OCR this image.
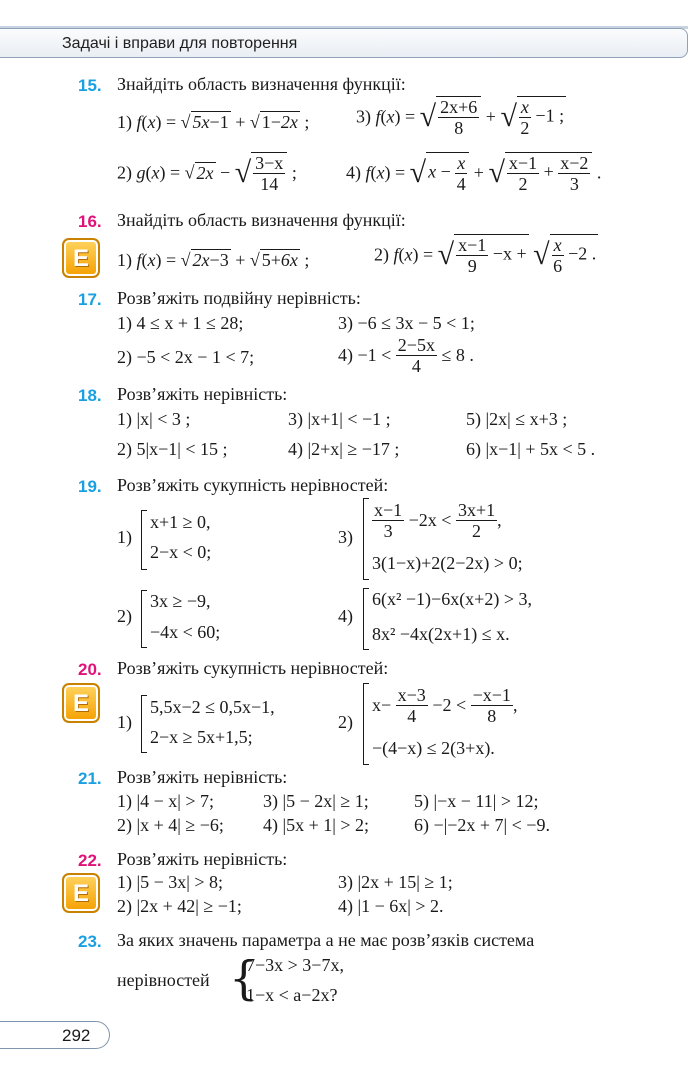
Задачі і вправи для повторення
15. Знайдіть область визначення функції:
1) f(x) = √ 5x−1 + √ 1−2x ;	3) f(x) = √ $\frac{2x+6}{8}$ + √ $\frac{x}{2} -1$ ;
2) g(x) = √ 2x − √ $\frac{3-x}{14}$ ;	4) f(x) = √ $x - \frac{x}{4}$ + √ $\frac{x-1}{2} + \frac{x-2}{3}$ .
16. Знайдіть область визначення функції:
Е	1) f(x) = √ 2x−3 + √ 5+6x ;	2) f(x) = √ $\frac{x-1}{9} -x$ + √ $\frac{x}{6} -2$ .
17. Розв’яжіть подвійну нерівність:
1) 4 ≤ x + 1 ≤ 28;	3) −6 ≤ 3x − 5 < 1;
2) −5 < 2x − 1 < 7;	$4) -1 < \frac{2-5x}{4} \le 8$ .
18. Розв’яжіть нерівність:
1) |x| < 3 ;	3) |x+1| < −1 ;	5) |2x| ≤ x+3 ;
2) 5|x−1| < 15 ;	4) |2+x| ≥ −17 ;	6) |x−1| + 5x < 5 .
19. Розв’яжіть сукупність нерівностей:
1)
x+1 ≥ 0,
2−x < 0;
$3) \frac{x-1}{3} -2x < \frac{3x+1}{2}$ ,
3(1−x)+2(2−2x) > 0;
2)
3x ≥ −9,
−4x < 60;
4)
6(x² −1)−6x(x+2) > 3,
8x² −4x(2x+1) ≤ x.
20. Розв’яжіть сукупність нерівностей:
Е
1)
5,5x−2 ≤ 0,5x−1,
2−x ≥ 5x+1,5;
2)
$x- \frac{x-3}{4} -2 < \frac{-x-1}{8}$ ,
−(4−x) ≤ 2(3+x).
21. Розв’яжіть нерівність:
1) |4 − x| > 7;	3) |5 − 2x| ≥ 1;	5) |−x − 11| > 12;
2) |x + 4| ≥ −6; 4) |5x + 1| > 2; 6) −|−2x + 7| < −9.
22. Розв’яжіть нерівність:
Е	1) |5 − 3x| > 8;	3) |2x + 15| ≥ 1;
2) |2x + 42| ≥ −1;	4) |1 − 6x| > 2.
23. За яких значень параметра a не має розв’язків система
нерівностей {
7−3x > 3−7x,
1−x < a−2x?
292
